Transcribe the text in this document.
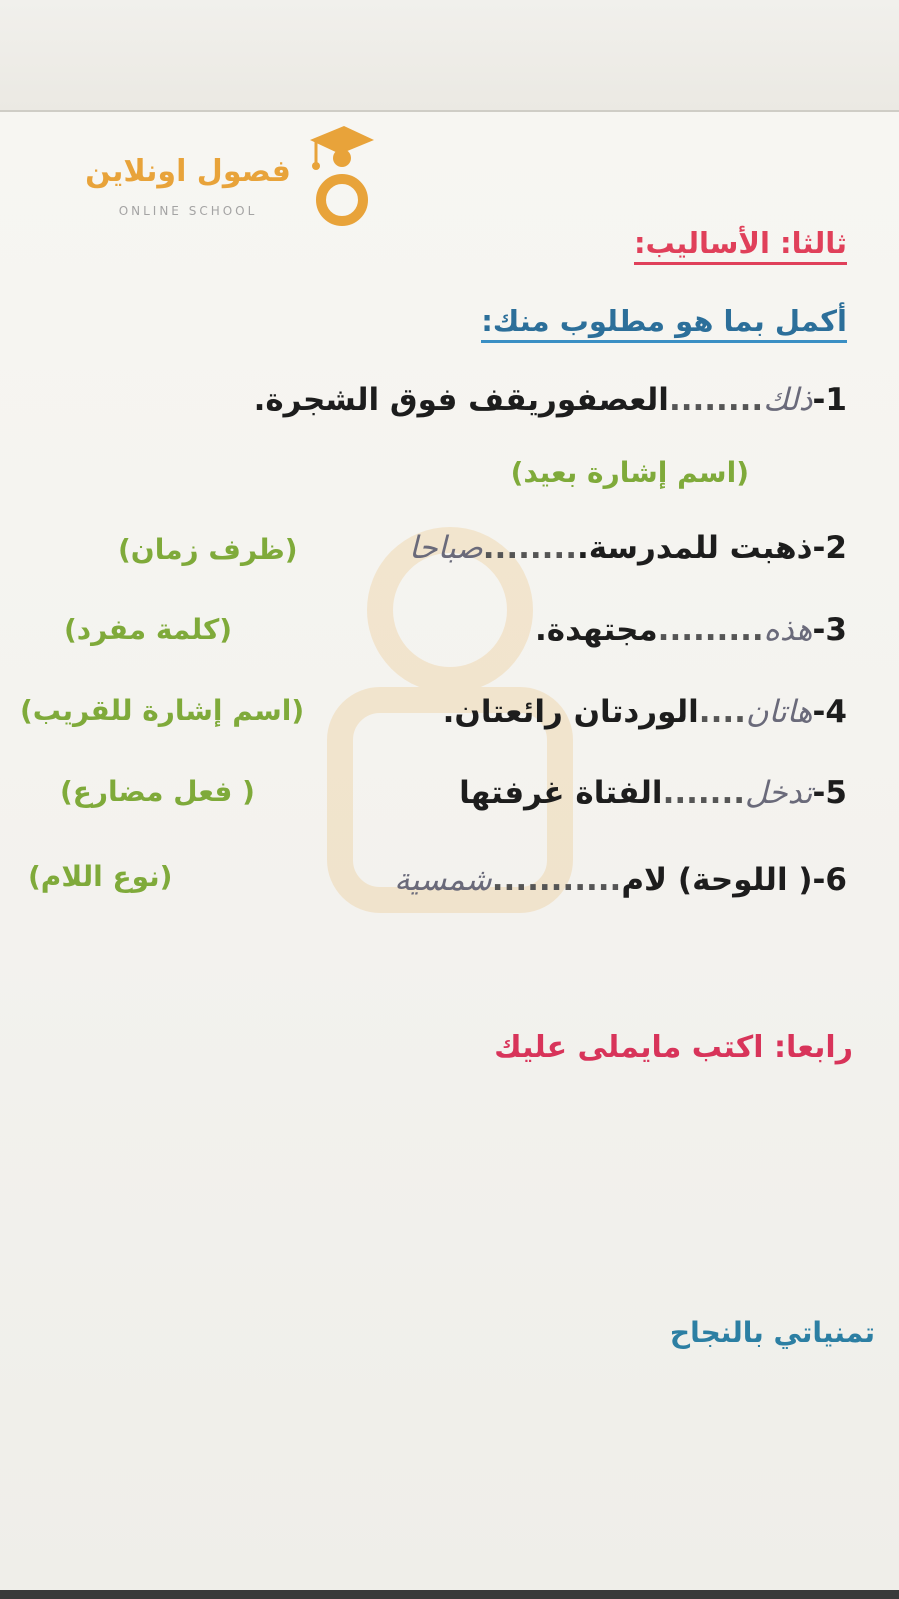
فصول اونلاين
ONLINE SCHOOL
ثالثا: الأساليب:
أكمل بما هو مطلوب منك:
1-ذلك........العصفوريقف فوق الشجرة.
(اسم إشارة بعيد)
2-ذهبت للمدرسة.........صباحا
(ظرف زمان)
3-هذه.........مجتهدة.
(كلمة مفرد)
4-هاتان....الوردتان رائعتان.
(اسم إشارة للقريب)
5-تدخل.......الفتاة غرفتها
( فعل مضارع)
6-( اللوحة) لام...........شمسية
(نوع اللام)
رابعا: اكتب مايملى عليك
تمنياتي بالنجاح
